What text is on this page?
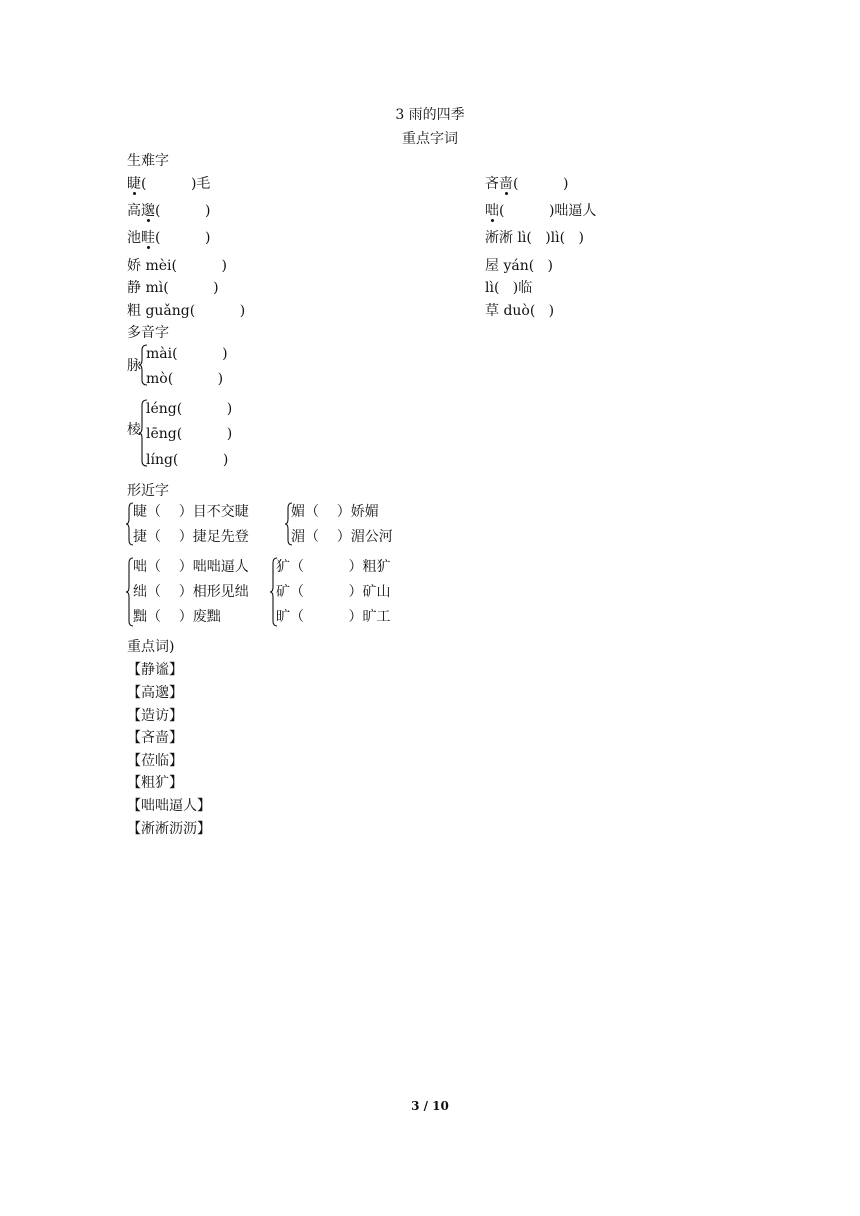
3 雨的四季
重点字词
生难字
睫(          )毛
高邈(          )
池畦(          )
娇 mèi(          )
静 mì(          )
粗 guǎng(          )
吝啬(          )
咄(          )咄逼人
淅淅 lì(   )lì(   )
屋 yán(   )
lì(   )临
草 duò(   )
多音字
脉
mài(          )
mò(          )
棱
léng(          )
lēng(          )
líng(          )
形近字
睫（    ）目不交睫
捷（    ）捷足先登
媚（    ）娇媚
湄（    ）湄公河
咄（    ）咄咄逼人
绌（    ）相形见绌
黜（    ）废黜
犷（          ）粗犷
矿（          ）矿山
旷（          ）旷工
重点词)
【静谧】
【高邈】
【造访】
【吝啬】
【莅临】
【粗犷】
【咄咄逼人】
【淅淅沥沥】
3 / 10
